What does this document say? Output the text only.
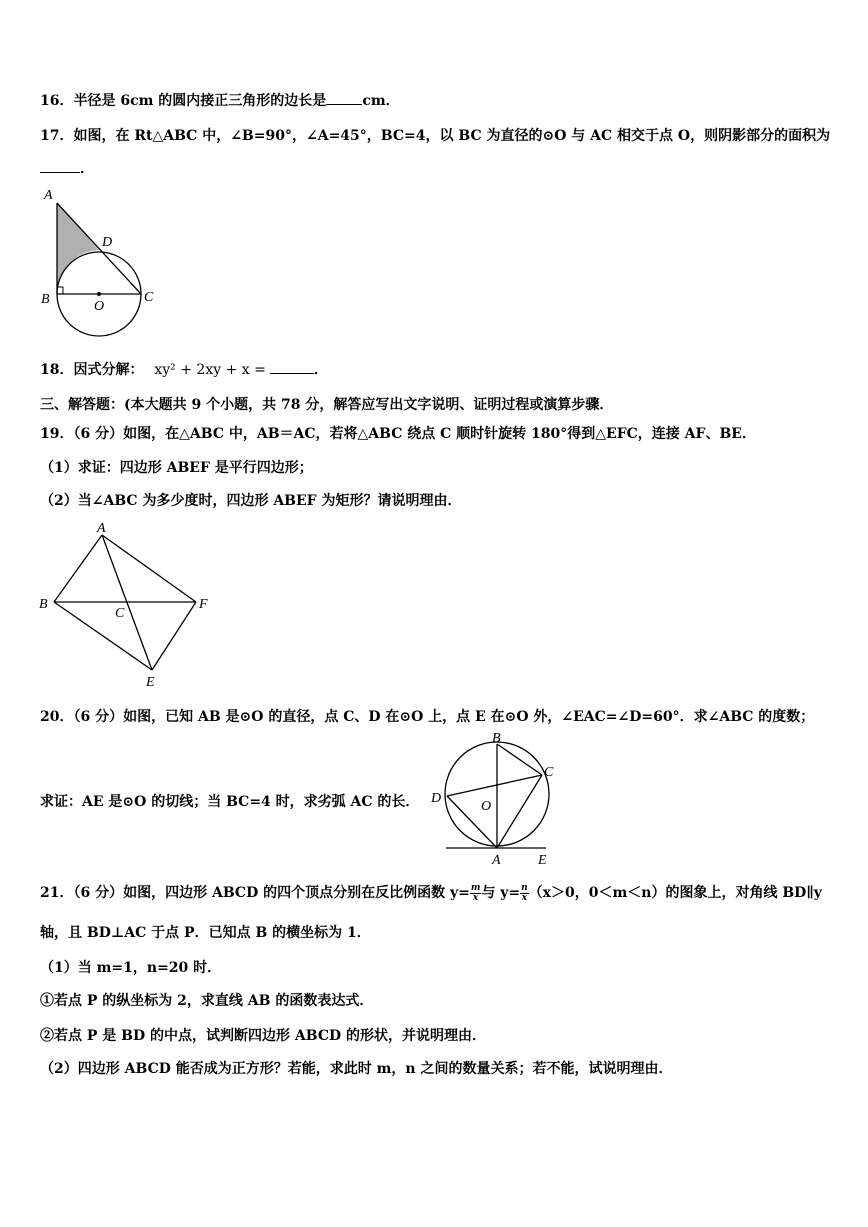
16．半径是 6cm 的圆内接正三角形的边长是	cm．
17．如图，在 Rt△ABC 中，∠B=90°，∠A=45°，BC=4，以 BC 为直径的⊙O 与 AC 相交于点 O，则阴影部分的面积为
．
A
B	C
D
O
18．因式分解： xy² + 2xy + x =	．
三、解答题：(本大题共 9 个小题，共 78 分，解答应写出文字说明、证明过程或演算步骤．
19．（6 分）如图，在△ABC 中，AB＝AC，若将△ABC 绕点 C 顺时针旋转 180°得到△EFC，连接 AF、BE．
（1）求证：四边形 ABEF 是平行四边形；
（2）当∠ABC 为多少度时，四边形 ABEF 为矩形？请说明理由．
A
B
C
F
E
20．（6 分）如图，已知 AB 是⊙O 的直径，点 C、D 在⊙O 上，点 E 在⊙O 外，∠EAC=∠D=60°．求∠ABC 的度数；
求证：AE 是⊙O 的切线；当 BC=4 时，求劣弧 AC 的长．
B
C
D
O
A	E
21．（6 分）如图，四边形 ABCD 的四个顶点分别在反比例函数 $y= \frac{m}{x}$ 与 $y= \frac{n}{x} (x>0$，0＜m＜n）的图象上，对角线 BD∥y
轴，且 BD⊥AC 于点 P．已知点 B 的横坐标为 1．
（1）当 m=1，n=20 时．
①若点 P 的纵坐标为 2，求直线 AB 的函数表达式．
②若点 P 是 BD 的中点，试判断四边形 ABCD 的形状，并说明理由．
（2）四边形 ABCD 能否成为正方形？若能，求此时 m，n 之间的数量关系；若不能，试说明理由．
